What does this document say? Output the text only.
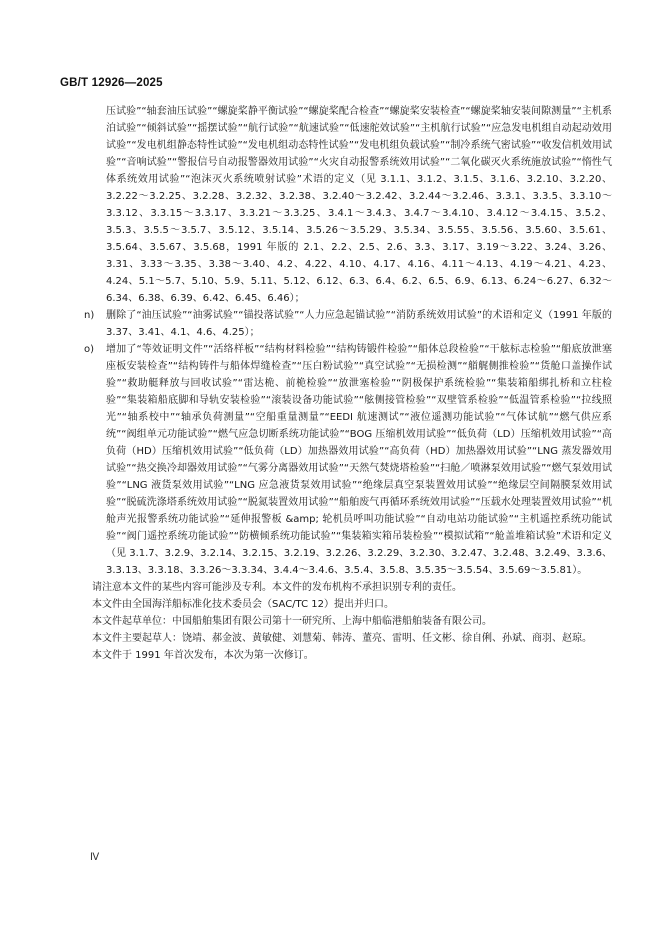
GB/T 12926—2025

压试验”“轴套油压试验”“螺旋桨静平衡试验”“螺旋桨配合检查”“螺旋桨安装检查”“螺旋桨轴安装间隙测量”“主机系泊试验”“倾斜试验”“摇摆试验”“航行试验”“航速试验”“低速舵效试验”“主机航行试验”“应急发电机组自动起动效用试验”“发电机组静态特性试验”“发电机组动态特性试验”“发电机组负载试验”“制冷系统气密试验”“收发信机效用试验”“音响试验”“警报信号自动报警器效用试验”“火灾自动报警系统效用试验”“二氧化碳灭火系统施放试验”“惰性气体系统效用试验”“泡沫灭火系统喷射试验”术语的定义（见 3.1.1、3.1.2、3.1.5、3.1.6、3.2.10、3.2.20、3.2.22～3.2.25、3.2.28、3.2.32、3.2.38、3.2.40～3.2.42、3.2.44～3.2.46、3.3.1、3.3.5、3.3.10～3.3.12、3.3.15～3.3.17、3.3.21～3.3.25、3.4.1～3.4.3、3.4.7～3.4.10、3.4.12～3.4.15、3.5.2、3.5.3、3.5.5～3.5.7、3.5.12、3.5.14、3.5.26～3.5.29、3.5.34、3.5.55、3.5.56、3.5.60、3.5.61、3.5.64、3.5.67、3.5.68，1991 年版的 2.1、2.2、2.5、2.6、3.3、3.17、3.19～3.22、3.24、3.26、3.31、3.33～3.35、3.38～3.40、4.2、4.22、4.10、4.17、4.16、4.11～4.13、4.19～4.21、4.23、4.24、5.1～5.7、5.10、5.9、5.11、5.12、6.12、6.3、6.4、6.2、6.5、6.9、6.13、6.24～6.27、6.32～6.34、6.38、6.39、6.42、6.45、6.46）；

n) 删除了“油压试验”“油雾试验”“锚投落试验”“人力应急起锚试验”“消防系统效用试验”的术语和定义（1991 年版的 3.37、3.41、4.1、4.6、4.25）；
o) 增加了“等效证明文件”“活络样板”“结构材料检验”“结构铸锻件检验”“船体总段检验”“干舷标志检验”“船底放泄塞座板安装检查”“结构铸件与船体焊缝检查”“压白粉试验”“真空试验”“无损检测”“艏艉侧推检验”“货舱口盖操作试验”“救助艇释放与回收试验”“雷达桅、前桅检验”“放泄塞检验”“阴极保护系统检验”“集装箱船绑扎桥和立柱检验”“集装箱船底脚和导轨安装检验”“滚装设备功能试验”“舷侧接管检验”“双壁管系检验”“低温管系检验”“拉线照光”“轴系校中”“轴承负荷测量”“空船重量测量”“EEDI 航速测试”“液位遥测功能试验”“气体试航”“燃气供应系统”“阀组单元功能试验”“燃气应急切断系统功能试验”“BOG 压缩机效用试验”“低负荷（LD）压缩机效用试验”“高负荷（HD）压缩机效用试验”“低负荷（LD）加热器效用试验”“高负荷（HD）加热器效用试验”“LNG 蒸发器效用试验”“热交换冷却器效用试验”“气雾分离器效用试验”“天然气焚烧塔检验”“扫舱／喷淋泵效用试验”“燃气泵效用试验”“LNG 液货泵效用试验”“LNG 应急液货泵效用试验”“绝缘层真空泵装置效用试验”“绝缘层空间隔膜泵效用试验”“脱硫洗涤塔系统效用试验”“脱氮装置效用试验”“船舶废气再循环系统效用试验”“压载水处理装置效用试验”“机舱声光报警系统功能试验”“延伸报警板 &amp; 轮机员呼叫功能试验”“自动电站功能试验”“主机遥控系统功能试验”“阀门遥控系统功能试验”“防横倾系统功能试验”“集装箱实箱吊装检验”“模拟试箱”“舱盖堆箱试验”术语和定义（见 3.1.7、3.2.9、3.2.14、3.2.15、3.2.19、3.2.26、3.2.29、3.2.30、3.2.47、3.2.48、3.2.49、3.3.6、3.3.13、3.3.18、3.3.26～3.3.34、3.4.4～3.4.6、3.5.4、3.5.8、3.5.35～3.5.54、3.5.69～3.5.81）。

请注意本文件的某些内容可能涉及专利。本文件的发布机构不承担识别专利的责任。

本文件由全国海洋船标准化技术委员会（SAC/TC 12）提出并归口。

本文件起草单位：中国船舶集团有限公司第十一研究所、上海中船临港船舶装备有限公司。

本文件主要起草人：饶靖、郝金波、黄敏健、刘慧菊、韩涛、董亮、雷明、任文彬、徐自俐、孙斌、商羽、赵琼。

本文件于 1991 年首次发布，本次为第一次修订。

Ⅳ
